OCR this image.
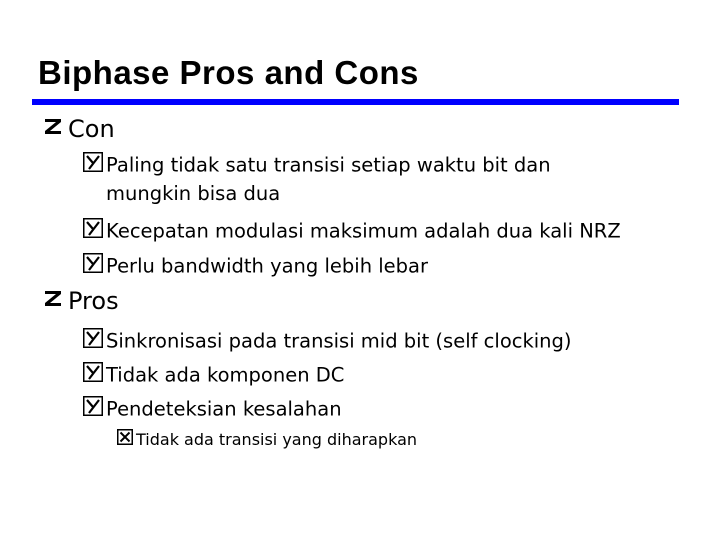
Biphase Pros and Cons
Con
Paling tidak satu transisi setiap waktu bit dan
mungkin bisa dua
Kecepatan modulasi maksimum adalah dua kali NRZ
Perlu bandwidth yang lebih lebar
Pros
Sinkronisasi pada transisi mid bit (self clocking)
Tidak ada komponen DC
Pendeteksian kesalahan
Tidak ada transisi yang diharapkan
